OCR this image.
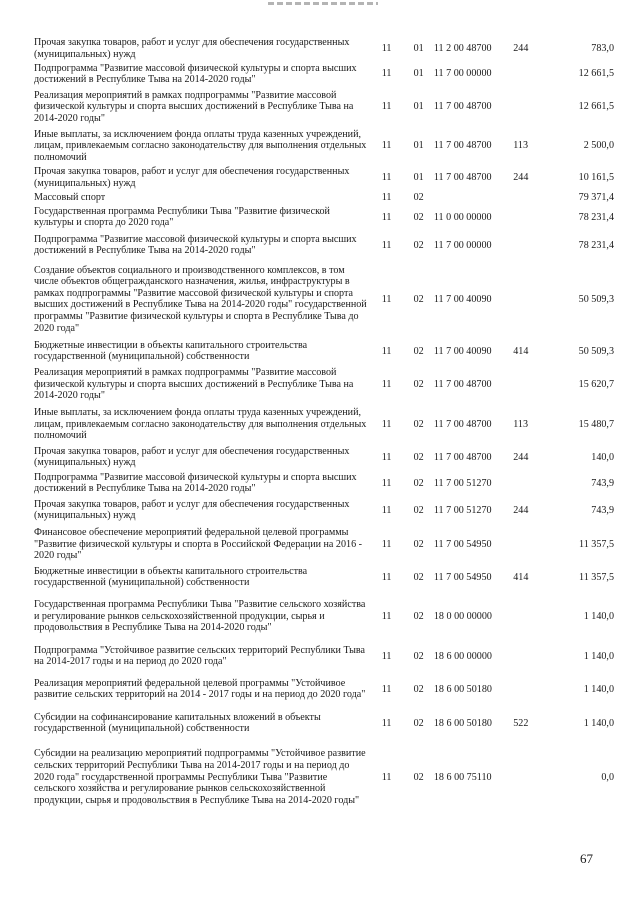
Прочая закупка товаров, работ и услуг для обеспечения государственных (муниципальных) нужд	11	01	11 2 00 48700	244	783,0
Подпрограмма "Развитие массовой физической культуры и спорта высших достижений в Республике Тыва на 2014-2020 годы"	11	01	11 7 00 00000		12 661,5
Реализация мероприятий в рамках подпрограммы "Развитие массовой физической культуры и спорта высших достижений в Республике Тыва на 2014-2020 годы"	11	01	11 7 00 48700		12 661,5
Иные выплаты, за исключением фонда оплаты труда казенных учреждений, лицам, привлекаемым согласно законодательству для выполнения отдельных полномочий	11	01	11 7 00 48700	113	2 500,0
Прочая закупка товаров, работ и услуг для обеспечения государственных (муниципальных) нужд	11	01	11 7 00 48700	244	10 161,5
Массовый спорт	11	02			79 371,4
Государственная программа Республики Тыва "Развитие физической культуры и спорта до 2020 года"	11	02	11 0 00 00000		78 231,4
Подпрограмма "Развитие массовой физической культуры и спорта высших достижений в Республике Тыва на 2014-2020 годы"	11	02	11 7 00 00000		78 231,4
Создание объектов социального и производственного комплексов, в том числе объектов общегражданского назначения, жилья, инфраструктуры в рамках подпрограммы "Развитие массовой физической культуры и спорта высших достижений в Республике Тыва на 2014-2020 годы" государственной программы "Развитие физической культуры и спорта в Республике Тыва до 2020 года"	11	02	11 7 00 40090		50 509,3
Бюджетные инвестиции в объекты капитального строительства государственной (муниципальной) собственности	11	02	11 7 00 40090	414	50 509,3
Реализация мероприятий в рамках подпрограммы "Развитие массовой физической культуры и спорта высших достижений в Республике Тыва на 2014-2020 годы"	11	02	11 7 00 48700		15 620,7
Иные выплаты, за исключением фонда оплаты труда казенных учреждений, лицам, привлекаемым согласно законодательству для выполнения отдельных полномочий	11	02	11 7 00 48700	113	15 480,7
Прочая закупка товаров, работ и услуг для обеспечения государственных (муниципальных) нужд	11	02	11 7 00 48700	244	140,0
Подпрограмма "Развитие массовой физической культуры и спорта высших достижений в Республике Тыва на 2014-2020 годы"	11	02	11 7 00 51270		743,9
Прочая закупка товаров, работ и услуг для обеспечения государственных (муниципальных) нужд	11	02	11 7 00 51270	244	743,9
Финансовое обеспечение мероприятий федеральной целевой программы "Развитие физической культуры и спорта в Российской Федерации на 2016 - 2020 годы"	11	02	11 7 00 54950		11 357,5
Бюджетные инвестиции в объекты капитального строительства государственной (муниципальной) собственности	11	02	11 7 00 54950	414	11 357,5
Государственная программа Республики Тыва "Развитие сельского хозяйства и регулирование рынков сельскохозяйственной продукции, сырья и продовольствия в Республике Тыва на 2014-2020 годы"	11	02	18 0 00 00000		1 140,0
Подпрограмма "Устойчивое развитие сельских территорий Республики Тыва на 2014-2017 годы и на период до 2020 года"	11	02	18 6 00 00000		1 140,0
Реализация мероприятий федеральной целевой программы "Устойчивое развитие сельских территорий на 2014 - 2017 годы и на период до 2020 года"	11	02	18 6 00 50180		1 140,0
Субсидии на софинансирование капитальных вложений в объекты государственной (муниципальной) собственности	11	02	18 6 00 50180	522	1 140,0
Субсидии на реализацию мероприятий подпрограммы "Устойчивое развитие сельских территорий Республики Тыва на 2014-2017 годы и на период до 2020 года" государственной программы Республики Тыва "Развитие сельского хозяйства и регулирование рынков сельскохозяйственной продукции, сырья и продовольствия в Республике Тыва на 2014-2020 годы"	11	02	18 6 00 75110		0,0
67
